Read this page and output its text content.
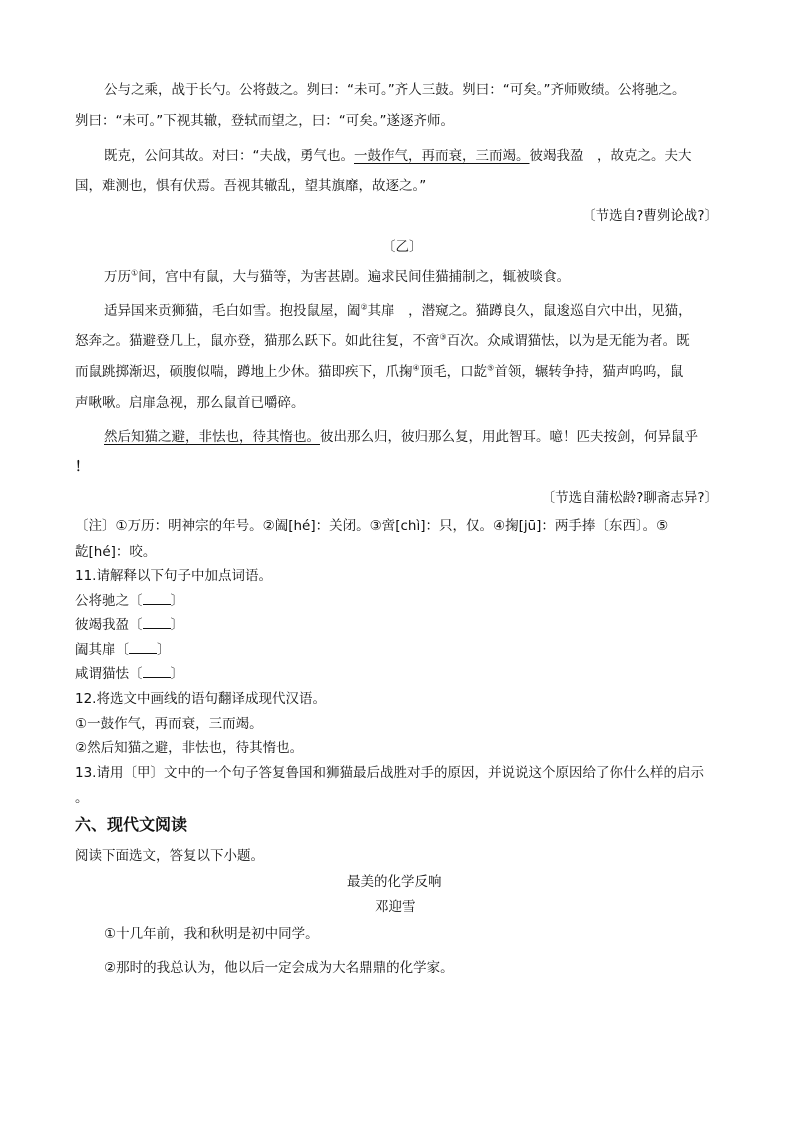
公与之乘，战于长勺。公将鼓之。刿曰：“未可。”齐人三鼓。刿曰：“可矣。”齐师败绩。公将驰之。
刿曰：“未可。”下视其辙，登轼而望之，曰：“可矣。”遂逐齐师。
既克，公问其故。对曰：“夫战，勇气也。一鼓作气，再而衰，三而竭。彼竭我盈　，故克之。夫大
国，难测也，惧有伏焉。吾视其辙乱，望其旗靡，故逐之。”
〔节选自?曹刿论战?〕
〔乙〕
万历①间，宫中有鼠，大与猫等，为害甚剧。遍求民间佳猫捕制之，辄被啖食。
适异国来贡狮猫，毛白如雪。抱投鼠屋，阖②其扉　，潜窥之。猫蹲良久，鼠逡巡自穴中出，见猫，
怒奔之。猫避登几上，鼠亦登，猫那么跃下。如此往复，不啻③百次。众咸谓猫怯，以为是无能为者。既
而鼠跳掷渐迟，硕腹似喘，蹲地上少休。猫即疾下，爪掬④顶毛，口龁⑤首领，辗转争持，猫声呜呜，鼠
声啾啾。启扉急视，那么鼠首已嚼碎。
然后知猫之避，非怯也，待其惰也。彼出那么归，彼归那么复，用此智耳。噫！匹夫按剑，何异鼠乎
！
〔节选自蒲松龄?聊斋志异?〕
〔注〕①万历：明神宗的年号。②阖[hé]：关闭。③啻[chì]：只，仅。④掬[jū]：两手捧〔东西〕。⑤
龁[hé]：咬。
11.请解释以下句子中加点词语。
公将驰之〔 〕
彼竭我盈〔 〕
阖其扉〔 〕
咸谓猫怯〔 〕
12.将选文中画线的语句翻译成现代汉语。
①一鼓作气，再而衰，三而竭。
②然后知猫之避，非怯也，待其惰也。
13.请用〔甲〕文中的一个句子答复鲁国和狮猫最后战胜对手的原因，并说说这个原因给了你什么样的启示
。
六、现代文阅读
阅读下面选文，答复以下小题。
最美的化学反响
邓迎雪
①十几年前，我和秋明是初中同学。
②那时的我总认为，他以后一定会成为大名鼎鼎的化学家。
